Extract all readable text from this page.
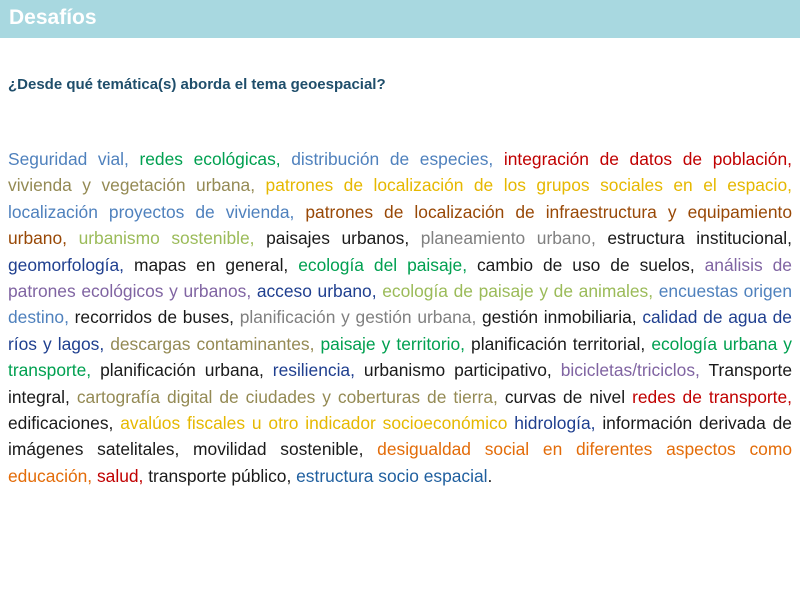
Desafíos
¿Desde qué temática(s) aborda el tema geoespacial?

Seguridad vial, redes ecológicas, distribución de especies, integración de datos de población, vivienda y vegetación urbana, patrones de localización de los grupos sociales en el espacio, localización proyectos de vivienda, patrones de localización de infraestructura y equipamiento urbano, urbanismo sostenible, paisajes urbanos, planeamiento urbano, estructura institucional, geomorfología, mapas en general, ecología del paisaje, cambio de uso de suelos, análisis de patrones ecológicos y urbanos, acceso urbano, ecología de paisaje y de animales, encuestas origen destino, recorridos de buses, planificación y gestión urbana, gestión inmobiliaria, calidad de agua de ríos y lagos, descargas contaminantes, paisaje y territorio, planificación territorial, ecología urbana y transporte, planificación urbana, resiliencia, urbanismo participativo, bicicletas/triciclos, Transporte integral, cartografía digital de ciudades y coberturas de tierra, curvas de nivel redes de transporte, edificaciones, avalúos fiscales u otro indicador socioeconómico hidrología, información derivada de imágenes satelitales, movilidad sostenible, desigualdad social en diferentes aspectos como educación, salud, transporte público, estructura socio espacial.
